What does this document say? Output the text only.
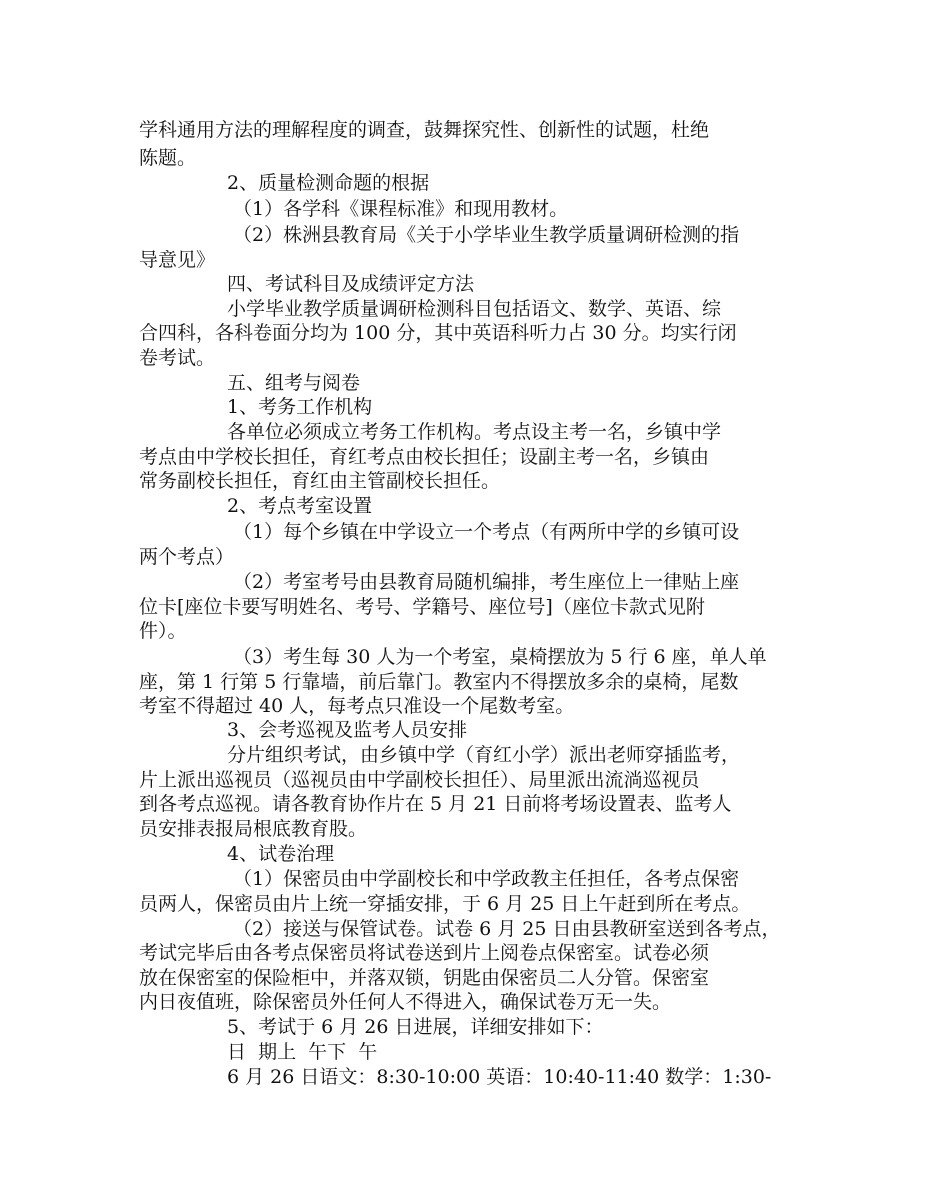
学科通用方法的理解程度的调查，鼓舞探究性、创新性的试题，杜绝
陈题。
2、质量检测命题的根据
（1）各学科《课程标准》和现用教材。
（2）株洲县教育局《关于小学毕业生教学质量调研检测的指
导意见》
四、考试科目及成绩评定方法
小学毕业教学质量调研检测科目包括语文、数学、英语、综
合四科，各科卷面分均为 100 分，其中英语科听力占 30 分。均实行闭
卷考试。
五、组考与阅卷
1、考务工作机构
各单位必须成立考务工作机构。考点设主考一名，乡镇中学
考点由中学校长担任，育红考点由校长担任；设副主考一名，乡镇由
常务副校长担任，育红由主管副校长担任。
2、考点考室设置
（1）每个乡镇在中学设立一个考点（有两所中学的乡镇可设
两个考点）
（2）考室考号由县教育局随机编排，考生座位上一律贴上座
位卡[座位卡要写明姓名、考号、学籍号、座位号]（座位卡款式见附
件）。
（3）考生每 30 人为一个考室，桌椅摆放为 5 行 6 座，单人单
座，第 1 行第 5 行靠墙，前后靠门。教室内不得摆放多余的桌椅，尾数
考室不得超过 40 人，每考点只准设一个尾数考室。
3、会考巡视及监考人员安排
分片组织考试，由乡镇中学（育红小学）派出老师穿插监考，
片上派出巡视员（巡视员由中学副校长担任）、局里派出流淌巡视员
到各考点巡视。请各教育协作片在 5 月 21 日前将考场设置表、监考人
员安排表报局根底教育股。
4、试卷治理
（1）保密员由中学副校长和中学政教主任担任，各考点保密
员两人，保密员由片上统一穿插安排，于 6 月 25 日上午赶到所在考点。
（2）接送与保管试卷。试卷 6 月 25 日由县教研室送到各考点，
考试完毕后由各考点保密员将试卷送到片上阅卷点保密室。试卷必须
放在保密室的保险柜中，并落双锁，钥匙由保密员二人分管。保密室
内日夜值班，除保密员外任何人不得进入，确保试卷万无一失。
5、考试于 6 月 26 日进展，详细安排如下：
日  期上  午下  午
6 月 26 日语文：8:30-10:00 英语：10:40-11:40 数学：1:30-
